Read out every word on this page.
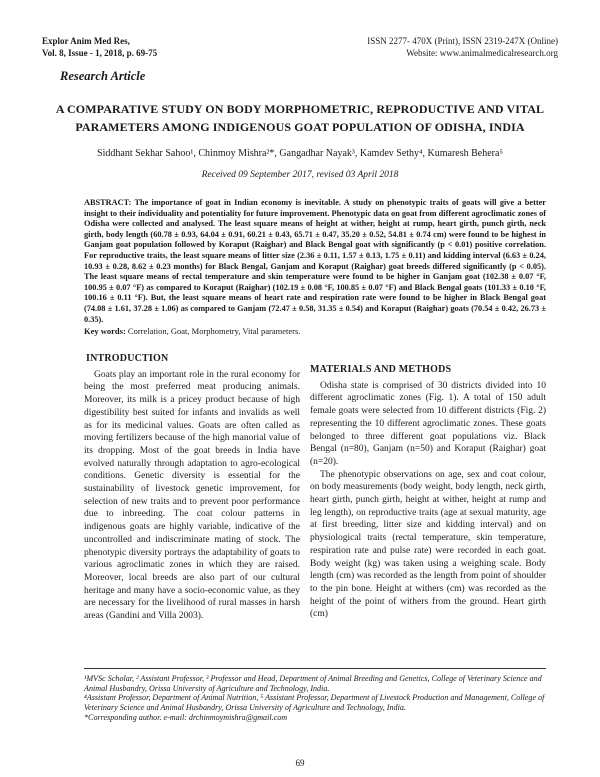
Explor Anim Med Res,
Vol. 8, Issue - 1, 2018, p. 69-75
ISSN 2277- 470X (Print), ISSN 2319-247X (Online)
Website: www.animalmedicalresearch.org
Research Article
A COMPARATIVE STUDY ON BODY MORPHOMETRIC, REPRODUCTIVE AND VITAL PARAMETERS AMONG INDIGENOUS GOAT POPULATION OF ODISHA, INDIA
Siddhant Sekhar Sahoo¹, Chinmoy Mishra²*, Gangadhar Nayak³, Kamdev Sethy⁴, Kumaresh Behera⁵
Received 09 September 2017, revised 03 April 2018
ABSTRACT: The importance of goat in Indian economy is inevitable. A study on phenotypic traits of goats will give a better insight to their individuality and potentiality for future improvement. Phenotypic data on goat from different agroclimatic zones of Odisha were collected and analysed. The least square means of height at wither, height at rump, heart girth, punch girth, neck girth, body length (60.78 ± 0.93, 64.04 ± 0.91, 60.21 ± 0.43, 65.71 ± 0.47, 35.20 ± 0.52, 54.81 ± 0.74 cm) were found to be highest in Ganjam goat population followed by Koraput (Raighar) and Black Bengal goat with significantly (p < 0.01) positive correlation. For reproductive traits, the least square means of litter size (2.36 ± 0.11, 1.57 ± 0.13, 1.75 ± 0.11) and kidding interval (6.63 ± 0.24, 10.93 ± 0.28, 8.62 ± 0.23 months) for Black Bengal, Ganjam and Koraput (Raighar) goat breeds differed significantly (p < 0.05). The least square means of rectal temperature and skin temperature were found to be higher in Ganjam goat (102.38 ± 0.07 °F, 100.95 ± 0.07 °F) as compared to Koraput (Raighar) (102.19 ± 0.08 °F, 100.85 ± 0.07 °F) and Black Bengal goats (101.33 ± 0.10 °F, 100.16 ± 0.11 °F). But, the least square means of heart rate and respiration rate were found to be higher in Black Bengal goat (74.08 ± 1.61, 37.28 ± 1.06) as compared to Ganjam (72.47 ± 0.58, 31.35 ± 0.54) and Koraput (Raighar) goats (70.54 ± 0.42, 26.73 ± 0.35).
Key words: Correlation, Goat, Morphometry, Vital parameters.
INTRODUCTION

Goats play an important role in the rural economy for being the most preferred meat producing animals. Moreover, its milk is a pricey product because of high digestibility best suited for infants and invalids as well as for its medicinal values. Goats are often called as moving fertilizers because of the high manorial value of its dropping. Most of the goat breeds in India have evolved naturally through adaptation to agro-ecological conditions. Genetic diversity is essential for the sustainability of livestock genetic improvement, for selection of new traits and to prevent poor performance due to inbreeding. The coat colour patterns in indigenous goats are highly variable, indicative of the uncontrolled and indiscriminate mating of stock. The phenotypic diversity portrays the adaptability of goats to various agroclimatic zones in which they are raised. Moreover, local breeds are also part of our cultural heritage and many have a socio-economic value, as they are necessary for the livelihood of rural masses in harsh areas (Gandini and Villa 2003).

MATERIALS AND METHODS

Odisha state is comprised of 30 districts divided into 10 different agroclimatic zones (Fig. 1). A total of 150 adult female goats were selected from 10 different districts (Fig. 2) representing the 10 different agroclimatic zones. These goats belonged to three different goat populations viz. Black Bengal (n=80), Ganjam (n=50) and Koraput (Raighar) goat (n=20).

The phenotypic observations on age, sex and coat colour, on body measurements (body weight, body length, neck girth, heart girth, punch girth, height at wither, height at rump and leg length), on reproductive traits (age at sexual maturity, age at first breeding, litter size and kidding interval) and on physiological traits (rectal temperature, skin temperature, respiration rate and pulse rate) were recorded in each goat. Body weight (kg) was taken using a weighing scale. Body length (cm) was recorded as the length from point of shoulder to the pin bone. Height at withers (cm) was recorded as the height of the point of withers from the ground. Heart girth (cm)

¹MVSc Scholar, ² Assistant Professor, ³ Professor and Head, Department of Animal Breeding and Genetics, College of Veterinary Science and Animal Husbandry, Orissa University of Agriculture and Technology, India.
⁴Assistant Professor, Department of Animal Nutrition, ⁵ Assistant Professor, Department of Livestock Production and Management, College of Veterinary Science and Animal Husbandry, Orissa University of Agriculture and Technology, India.
*Corresponding author. e-mail: drchinmoymishra@gmail.com
69
